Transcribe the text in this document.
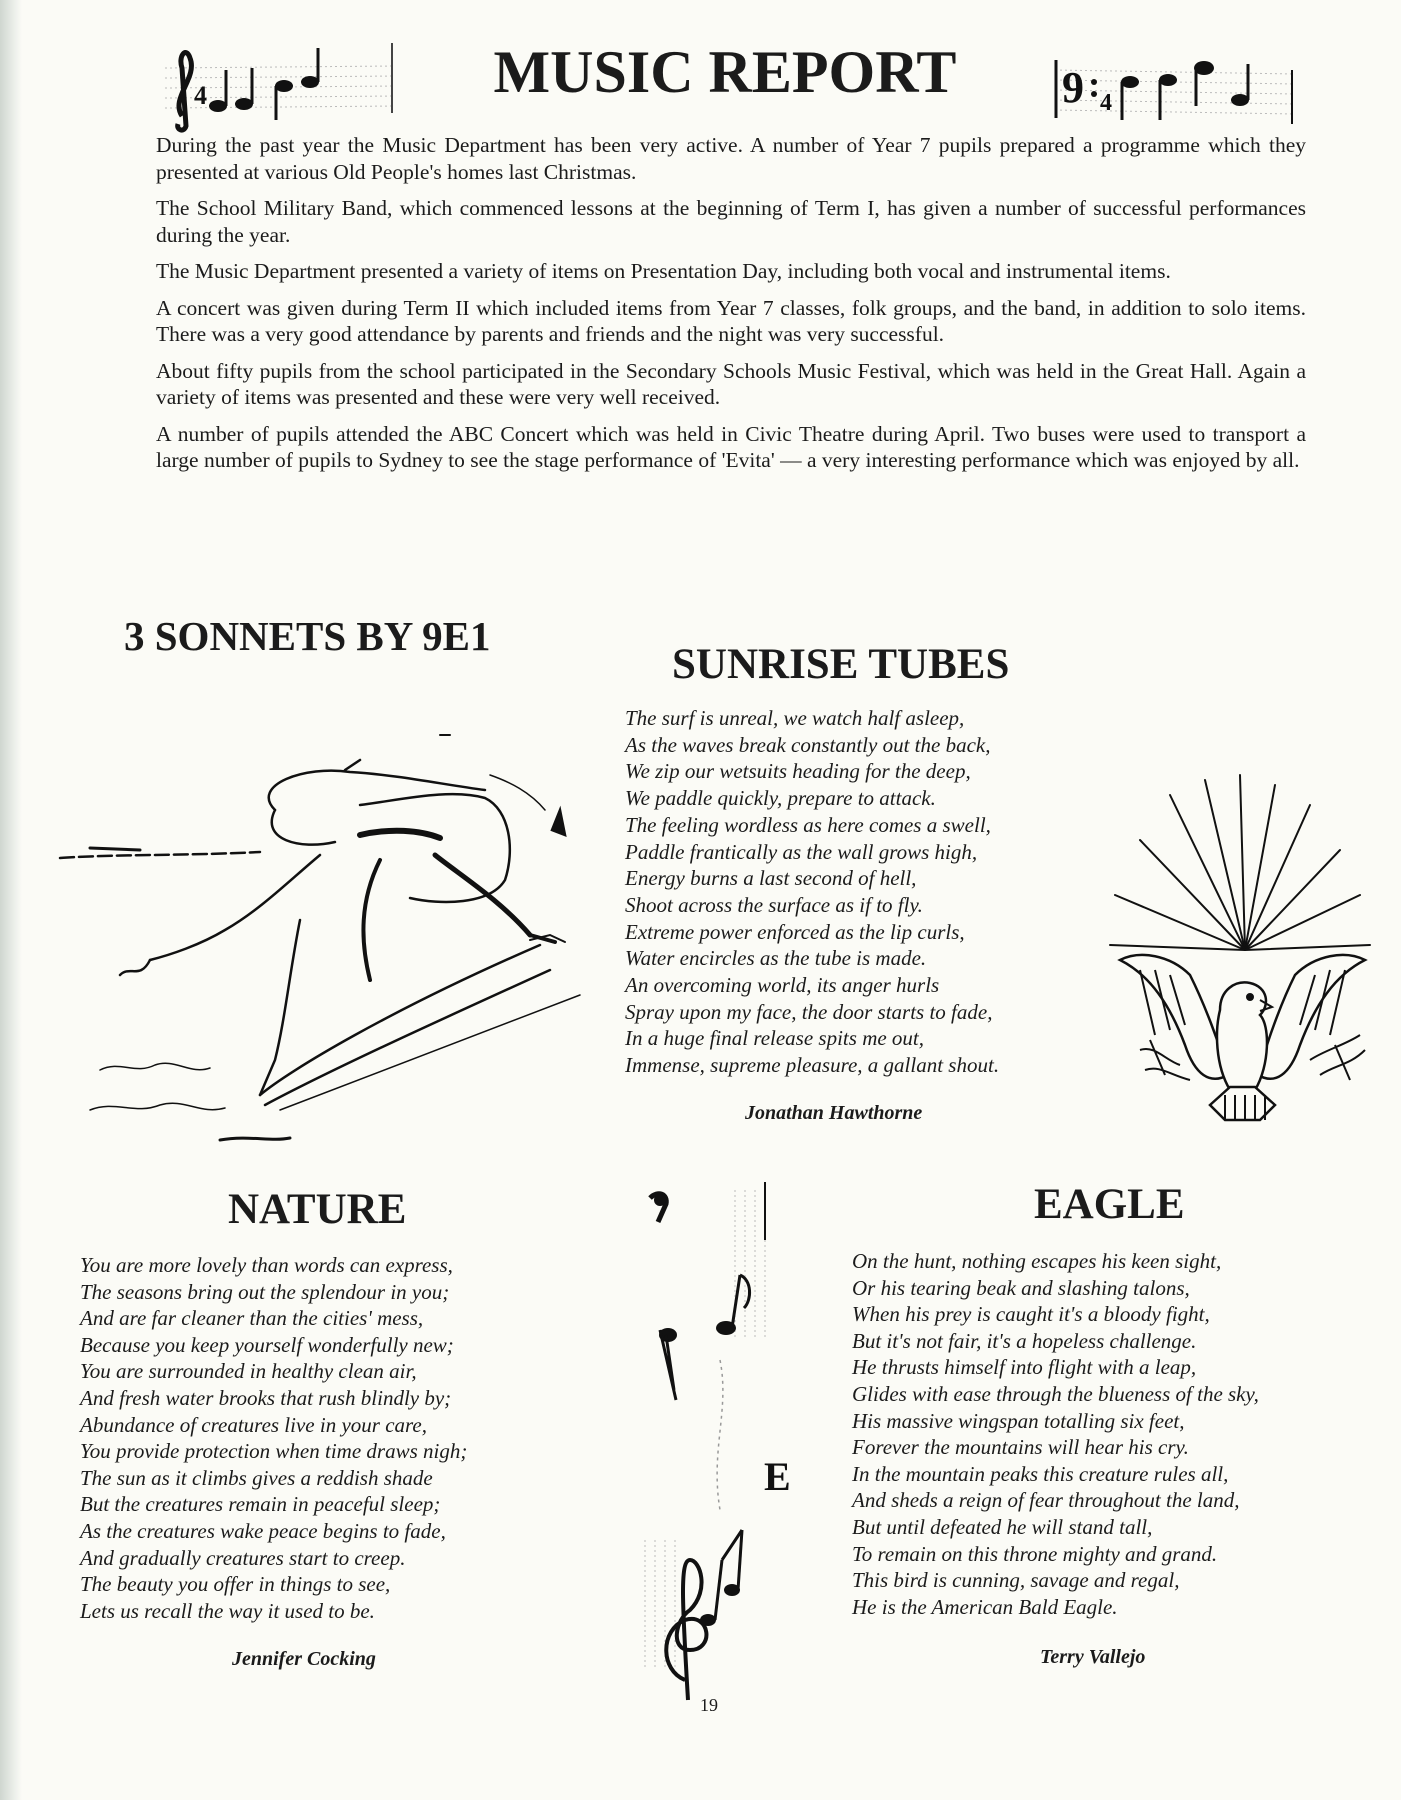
4	MUSIC REPORT	9 4

During the past year the Music Department has been very active. A number of Year 7 pupils prepared a programme which they presented at various Old People's homes last Christmas.

The School Military Band, which commenced lessons at the beginning of Term I, has given a number of successful performances during the year.

The Music Department presented a variety of items on Presentation Day, including both vocal and instrumental items.

A concert was given during Term II which included items from Year 7 classes, folk groups, and the band, in addition to solo items. There was a very good attendance by parents and friends and the night was very successful.

About fifty pupils from the school participated in the Secondary Schools Music Festival, which was held in the Great Hall. Again a variety of items was presented and these were very well received.

A number of pupils attended the ABC Concert which was held in Civic Theatre during April. Two buses were used to transport a large number of pupils to Sydney to see the stage performance of 'Evita' — a very interesting performance which was enjoyed by all.

3 SONNETS BY 9E1
SUNRISE TUBES
The surf is unreal, we watch half asleep,
As the waves break constantly out the back,
We zip our wetsuits heading for the deep,
We paddle quickly, prepare to attack.
The feeling wordless as here comes a swell,
Paddle frantically as the wall grows high,
Energy burns a last second of hell,
Shoot across the surface as if to fly.
Extreme power enforced as the lip curls,
Water encircles as the tube is made.
An overcoming world, its anger hurls
Spray upon my face, the door starts to fade,
In a huge final release spits me out,
Immense, supreme pleasure, a gallant shout.
Jonathan Hawthorne
NATURE	EAGLE
You are more lovely than words can express,
The seasons bring out the splendour in you;
And are far cleaner than the cities' mess,
Because you keep yourself wonderfully new;
You are surrounded in healthy clean air,
And fresh water brooks that rush blindly by;
Abundance of creatures live in your care,
You provide protection when time draws nigh;
The sun as it climbs gives a reddish shade
But the creatures remain in peaceful sleep;
As the creatures wake peace begins to fade,
And gradually creatures start to creep.
The beauty you offer in things to see,
Lets us recall the way it used to be.
Jennifer Cocking
E
On the hunt, nothing escapes his keen sight,
Or his tearing beak and slashing talons,
When his prey is caught it's a bloody fight,
But it's not fair, it's a hopeless challenge.
He thrusts himself into flight with a leap,
Glides with ease through the blueness of the sky,
His massive wingspan totalling six feet,
Forever the mountains will hear his cry.
In the mountain peaks this creature rules all,
And sheds a reign of fear throughout the land,
But until defeated he will stand tall,
To remain on this throne mighty and grand.
This bird is cunning, savage and regal,
He is the American Bald Eagle.
Terry Vallejo
19
